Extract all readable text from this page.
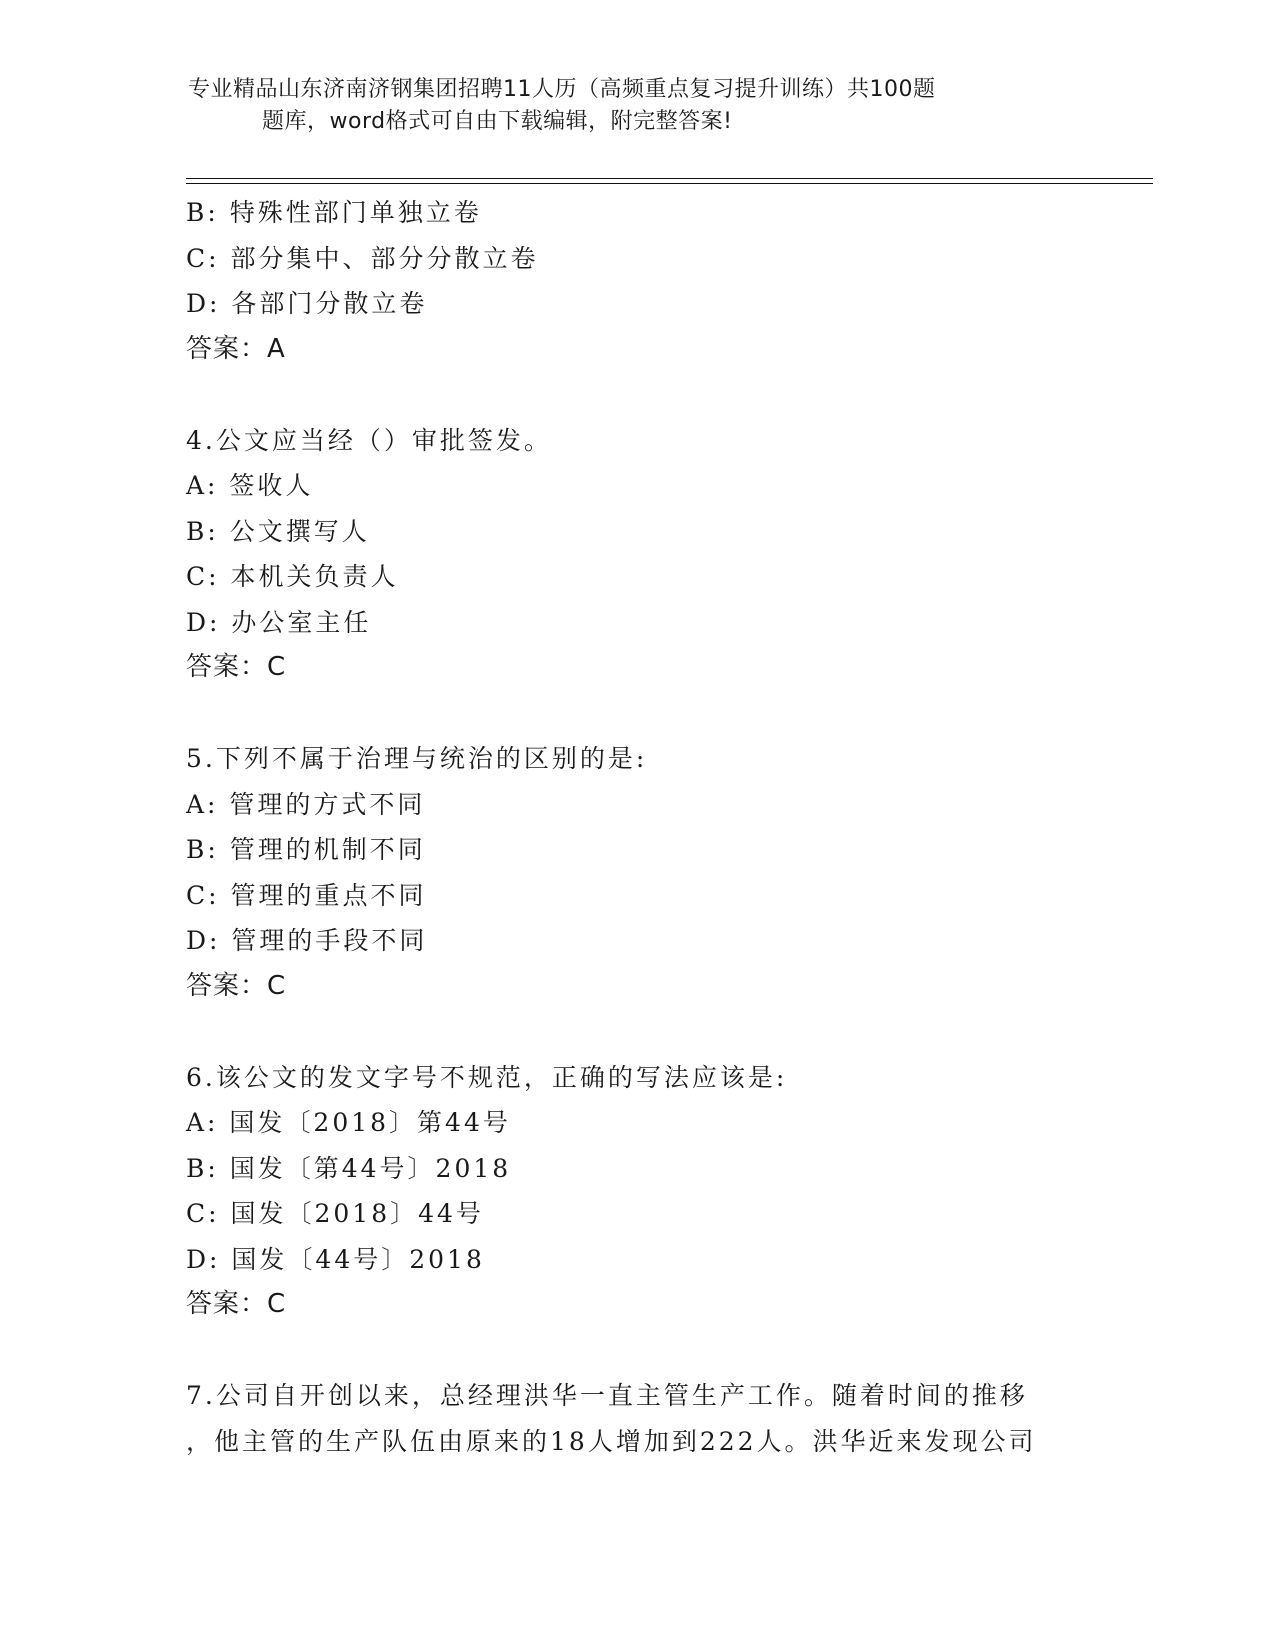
专业精品山东济南济钢集团招聘11人历（高频重点复习提升训练）共100题
题库，word格式可自由下载编辑，附完整答案!
B: 特殊性部门单独立卷
C: 部分集中、部分分散立卷
D: 各部门分散立卷
答案：A
4.公文应当经（）审批签发。
A: 签收人
B: 公文撰写人
C: 本机关负责人
D: 办公室主任
答案：C
5.下列不属于治理与统治的区别的是:
A: 管理的方式不同
B: 管理的机制不同
C: 管理的重点不同
D: 管理的手段不同
答案：C
6.该公文的发文字号不规范，正确的写法应该是:
A: 国发〔2018〕第44号
B: 国发〔第44号〕2018
C: 国发〔2018〕44号
D: 国发〔44号〕2018
答案：C
7.公司自开创以来，总经理洪华一直主管生产工作。随着时间的推移
，他主管的生产队伍由原来的18人增加到222人。洪华近来发现公司
